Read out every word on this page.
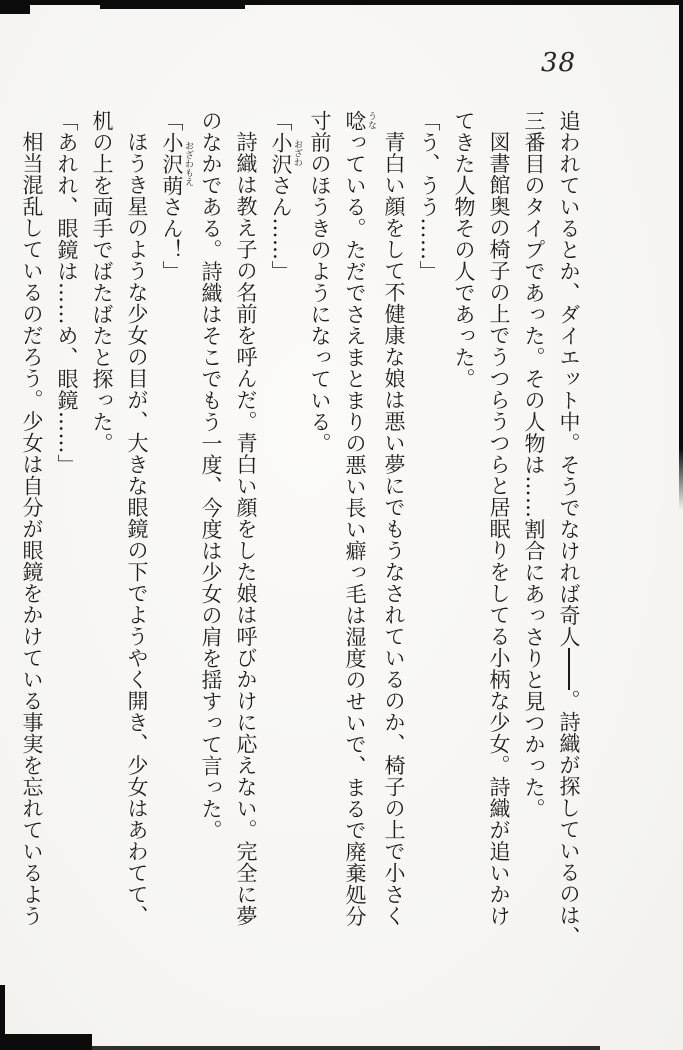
38
追われているとか、ダイエット中。そうでなければ奇人。詩織が探しているのは、
三番目のタイプであった。その人物は……割合にあっさりと見つかった。
図書館奥の椅子の上でうつらうつらと居眠りをしてる小柄な少女。詩織が追いかけ
てきた人物その人であった。
「う、うう……」
青白い顔をして不健康な娘は悪い夢にでもうなされているのか、椅子の上で小さく
唸 うなっている。ただでさえまとまりの悪い長い癖っ毛は湿度のせいで、まるで廃棄処分
寸前のほうきのようになっている。
「小沢 おざわさん……」
詩織は教え子の名前を呼んだ。青白い顔をした娘は呼びかけに応えない。完全に夢
のなかである。詩織はそこでもう一度、今度は少女の肩を揺すって言った。
「小沢萌 おざわもえさん！」
ほうき星のような少女の目が、大きな眼鏡の下でようやく開き、少女はあわてて、
机の上を両手でばたばたと探った。
「あれれ、眼鏡は……め、眼鏡……」
相当混乱しているのだろう。少女は自分が眼鏡をかけている事実を忘れているよう
